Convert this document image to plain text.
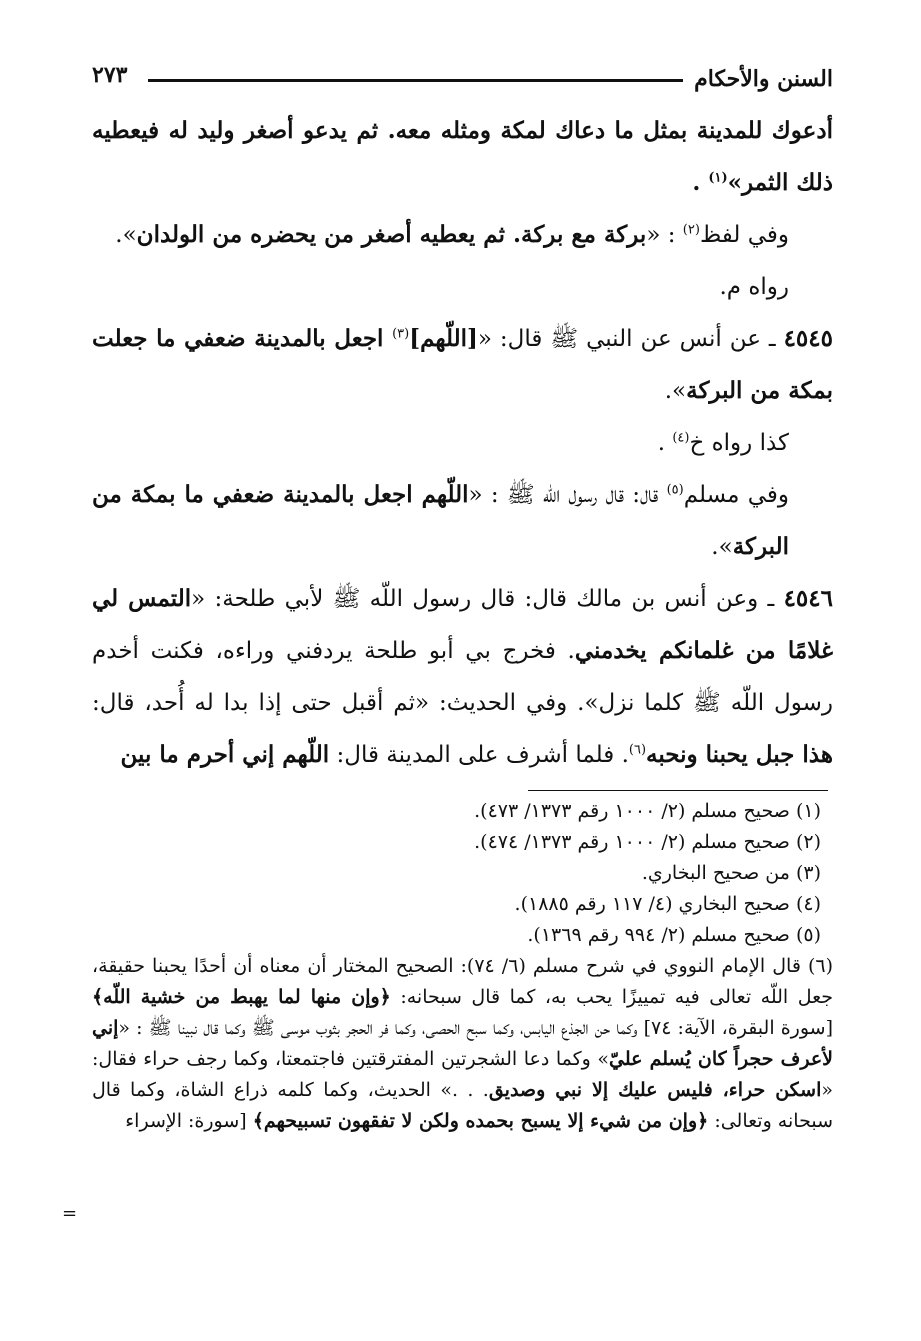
السنن والأحكام
٢٧٣

أدعوك للمدينة بمثل ما دعاك لمكة ومثله معه. ثم يدعو أصغر وليد له فيعطيه ذلك الثمر»$^{(١)}$ .

وفي لفظ$^{(٢)}$ : «بركة مع بركة. ثم يعطيه أصغر من يحضره من الولدان».

رواه م.

٤٥٤٥ ـ عن أنس عن النبي ﷺ قال: «[اللّهم]$^{(٣)}$ اجعل بالمدينة ضعفي ما جعلت بمكة من البركة».

كذا رواه خ$^{(٤)}$ .

وفي مسلم$^{(٥)}$ قال: قال رسول اللّه ﷺ : «اللّهم اجعل بالمدينة ضعفي ما بمكة من البركة».

٤٥٤٦ ـ وعن أنس بن مالك قال: قال رسول اللّه ﷺ لأبي طلحة: «التمس لي غلامًا من غلمانكم يخدمني. فخرج بي أبو طلحة يردفني وراءه، فكنت أخدم رسول اللّه ﷺ كلما نزل». وفي الحديث: «ثم أقبل حتى إذا بدا له أُحد، قال: هذا جبل يحبنا ونحبه$^{(٦)}$. فلما أشرف على المدينة قال: اللّهم إني أحرم ما بين

(١) صحيح مسلم (٢/ ١٠٠٠ رقم ١٣٧٣/ ٤٧٣).

(٢) صحيح مسلم (٢/ ١٠٠٠ رقم ١٣٧٣/ ٤٧٤).

(٣) من صحيح البخاري.

(٤) صحيح البخاري (٤/ ١١٧ رقم ١٨٨٥).

(٥) صحيح مسلم (٢/ ٩٩٤ رقم ١٣٦٩).

(٦) قال الإمام النووي في شرح مسلم (٦/ ٧٤): الصحيح المختار أن معناه أن أحدًا يحبنا حقيقة، جعل اللّه تعالى فيه تمييزًا يحب به، كما قال سبحانه: ﴿وإن منها لما يهبط من خشية اللّه﴾ [سورة البقرة، الآية: ٧٤] وكما حن الجذع اليابس، وكما سبح الحصى، وكما فر الحجر بثوب موسى ﷺ وكما قال نبينا ﷺ : «إني لأعرف حجراً كان يُسلم عليّ» وكما دعا الشجرتين المفترقتين فاجتمعتا، وكما رجف حراء فقال: «اسكن حراء، فليس عليك إلا نبي وصديق. . .» الحديث، وكما كلمه ذراع الشاة، وكما قال سبحانه وتعالى: ﴿وإن من شيء إلا يسبح بحمده ولكن لا تفقهون تسبيحهم﴾ [سورة: الإسراء

=
